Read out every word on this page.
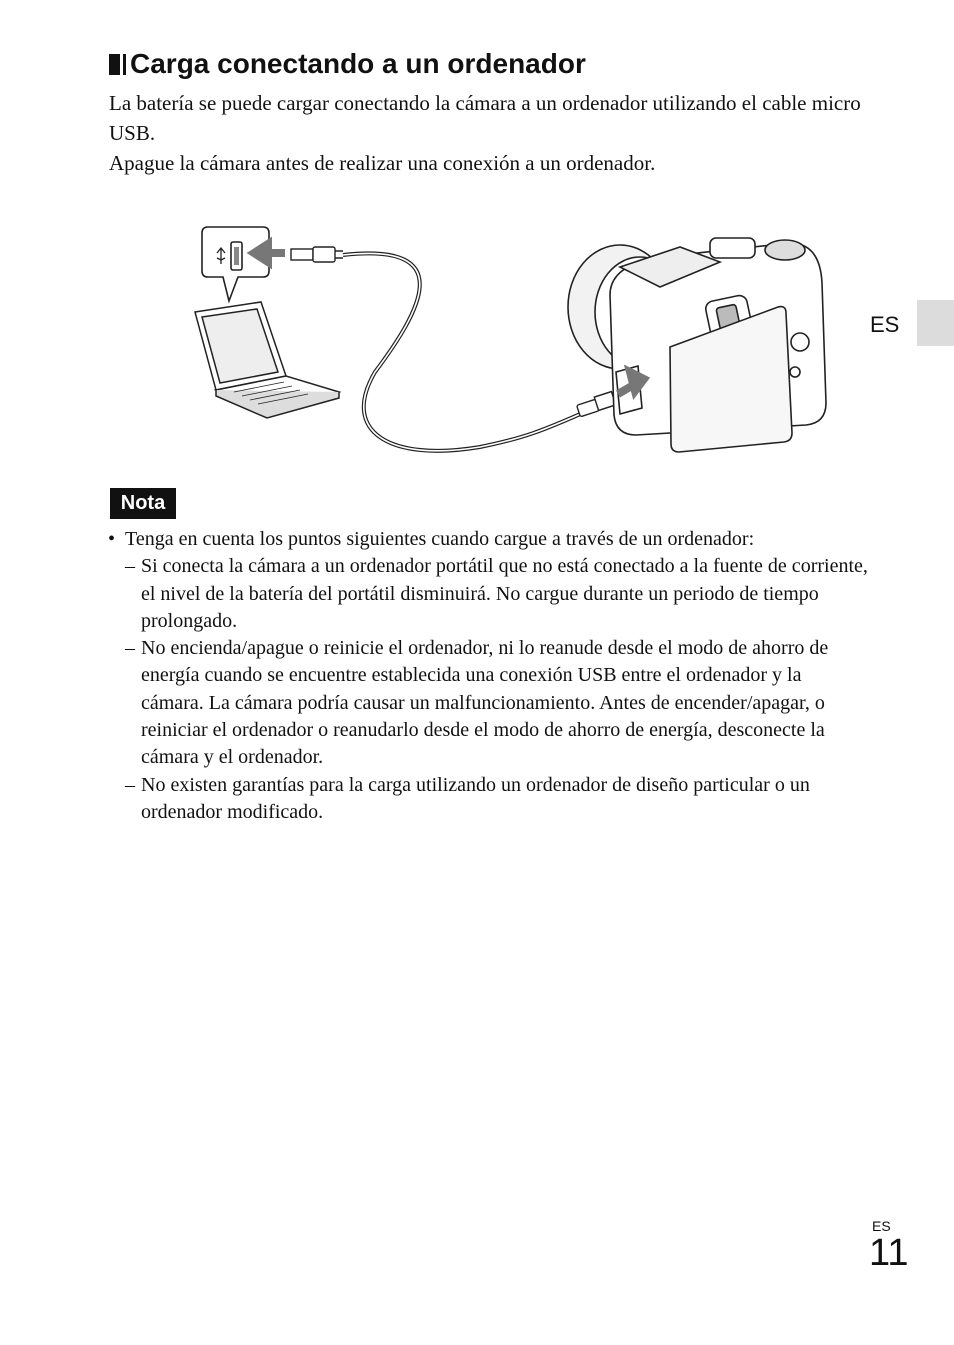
Carga conectando a un ordenador

La batería se puede cargar conectando la cámara a un ordenador utilizando el cable micro USB.

Apague la cámara antes de realizar una conexión a un ordenador.

ES
Nota

• Tenga en cuenta los puntos siguientes cuando cargue a través de un ordenador:

– Si conecta la cámara a un ordenador portátil que no está conectado a la fuente de corriente, el nivel de la batería del portátil disminuirá. No cargue durante un periodo de tiempo prolongado.
– No encienda/apague o reinicie el ordenador, ni lo reanude desde el modo de ahorro de energía cuando se encuentre establecida una conexión USB entre el ordenador y la cámara. La cámara podría causar un malfuncionamiento. Antes de encender/apagar, o reiniciar el ordenador o reanudarlo desde el modo de ahorro de energía, desconecte la cámara y el ordenador.
– No existen garantías para la carga utilizando un ordenador de diseño particular o un ordenador modificado.
ES
11
